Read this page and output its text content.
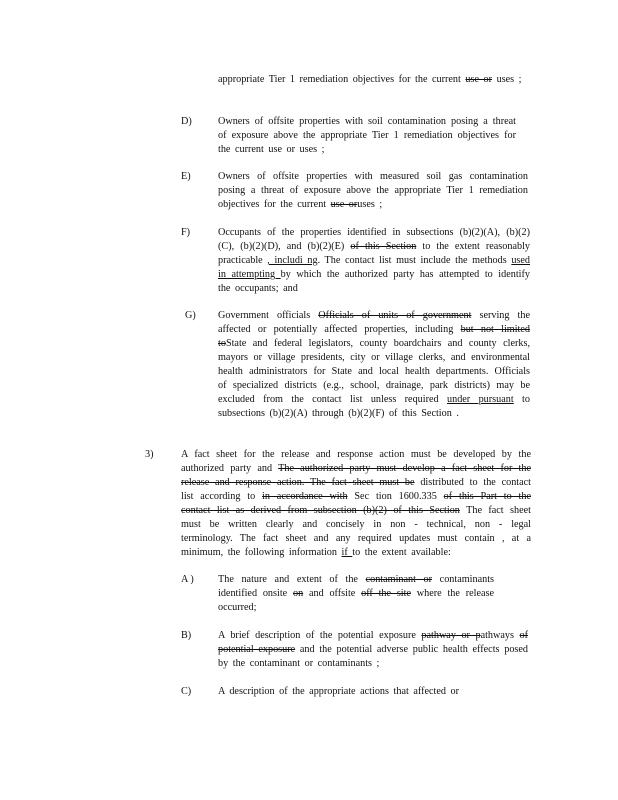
appropriate Tier 1 remediation objectives for the current use or uses ;
D)	Owners of offsite properties with soil contamination posing a threat of exposure above the appropriate Tier 1 remediation objectives for the current use or uses ;
E)	Owners of offsite properties with measured soil gas contamination posing a threat of exposure above the appropriate Tier 1 remediation objectives for the current use oruses ;
F)	Occupants of the properties identified in subsections (b)(2)(A), (b)(2)(C), (b)(2)(D), and (b)(2)(E) of this Section to the extent reasonably practicable , includi ng. The contact list must include the methods used in attempting by which the authorized party has attempted to identify the occupants; and
G) Government officials Officials of units of government serving the affected or potentially affected properties, including but not limited toState and federal legislators, county boardchairs and county clerks, mayors or village presidents, city or village clerks, and environmental health administrators for State and local health departments. Officials of specialized districts (e.g., school, drainage, park districts) may be excluded from the contact list unless required under pursuant to subsections (b)(2)(A) through (b)(2)(F) of this Section .
3)	A fact sheet for the release and response action must be developed by the authorized party and The authorized party must develop a fact sheet for the release and response action. The fact sheet must be distributed to the contact list according to in accordance with Sec tion 1600.335 of this Part to the contact list as derived from subsection (b)(2) of this Section The fact sheet must be written clearly and concisely in non - technical, non - legal terminology. The fact sheet and any required updates must contain , at a minimum, the following information if to the extent available:
A ) The nature and extent of the contaminant or contaminants identified onsite on and offsite off the site where the release occurred;
B)	A brief description of the potential exposure pathway or pathways of potential exposure and the potential adverse public health effects posed by the contaminant or contaminants ;
C)	A description of the appropriate actions that affected or
